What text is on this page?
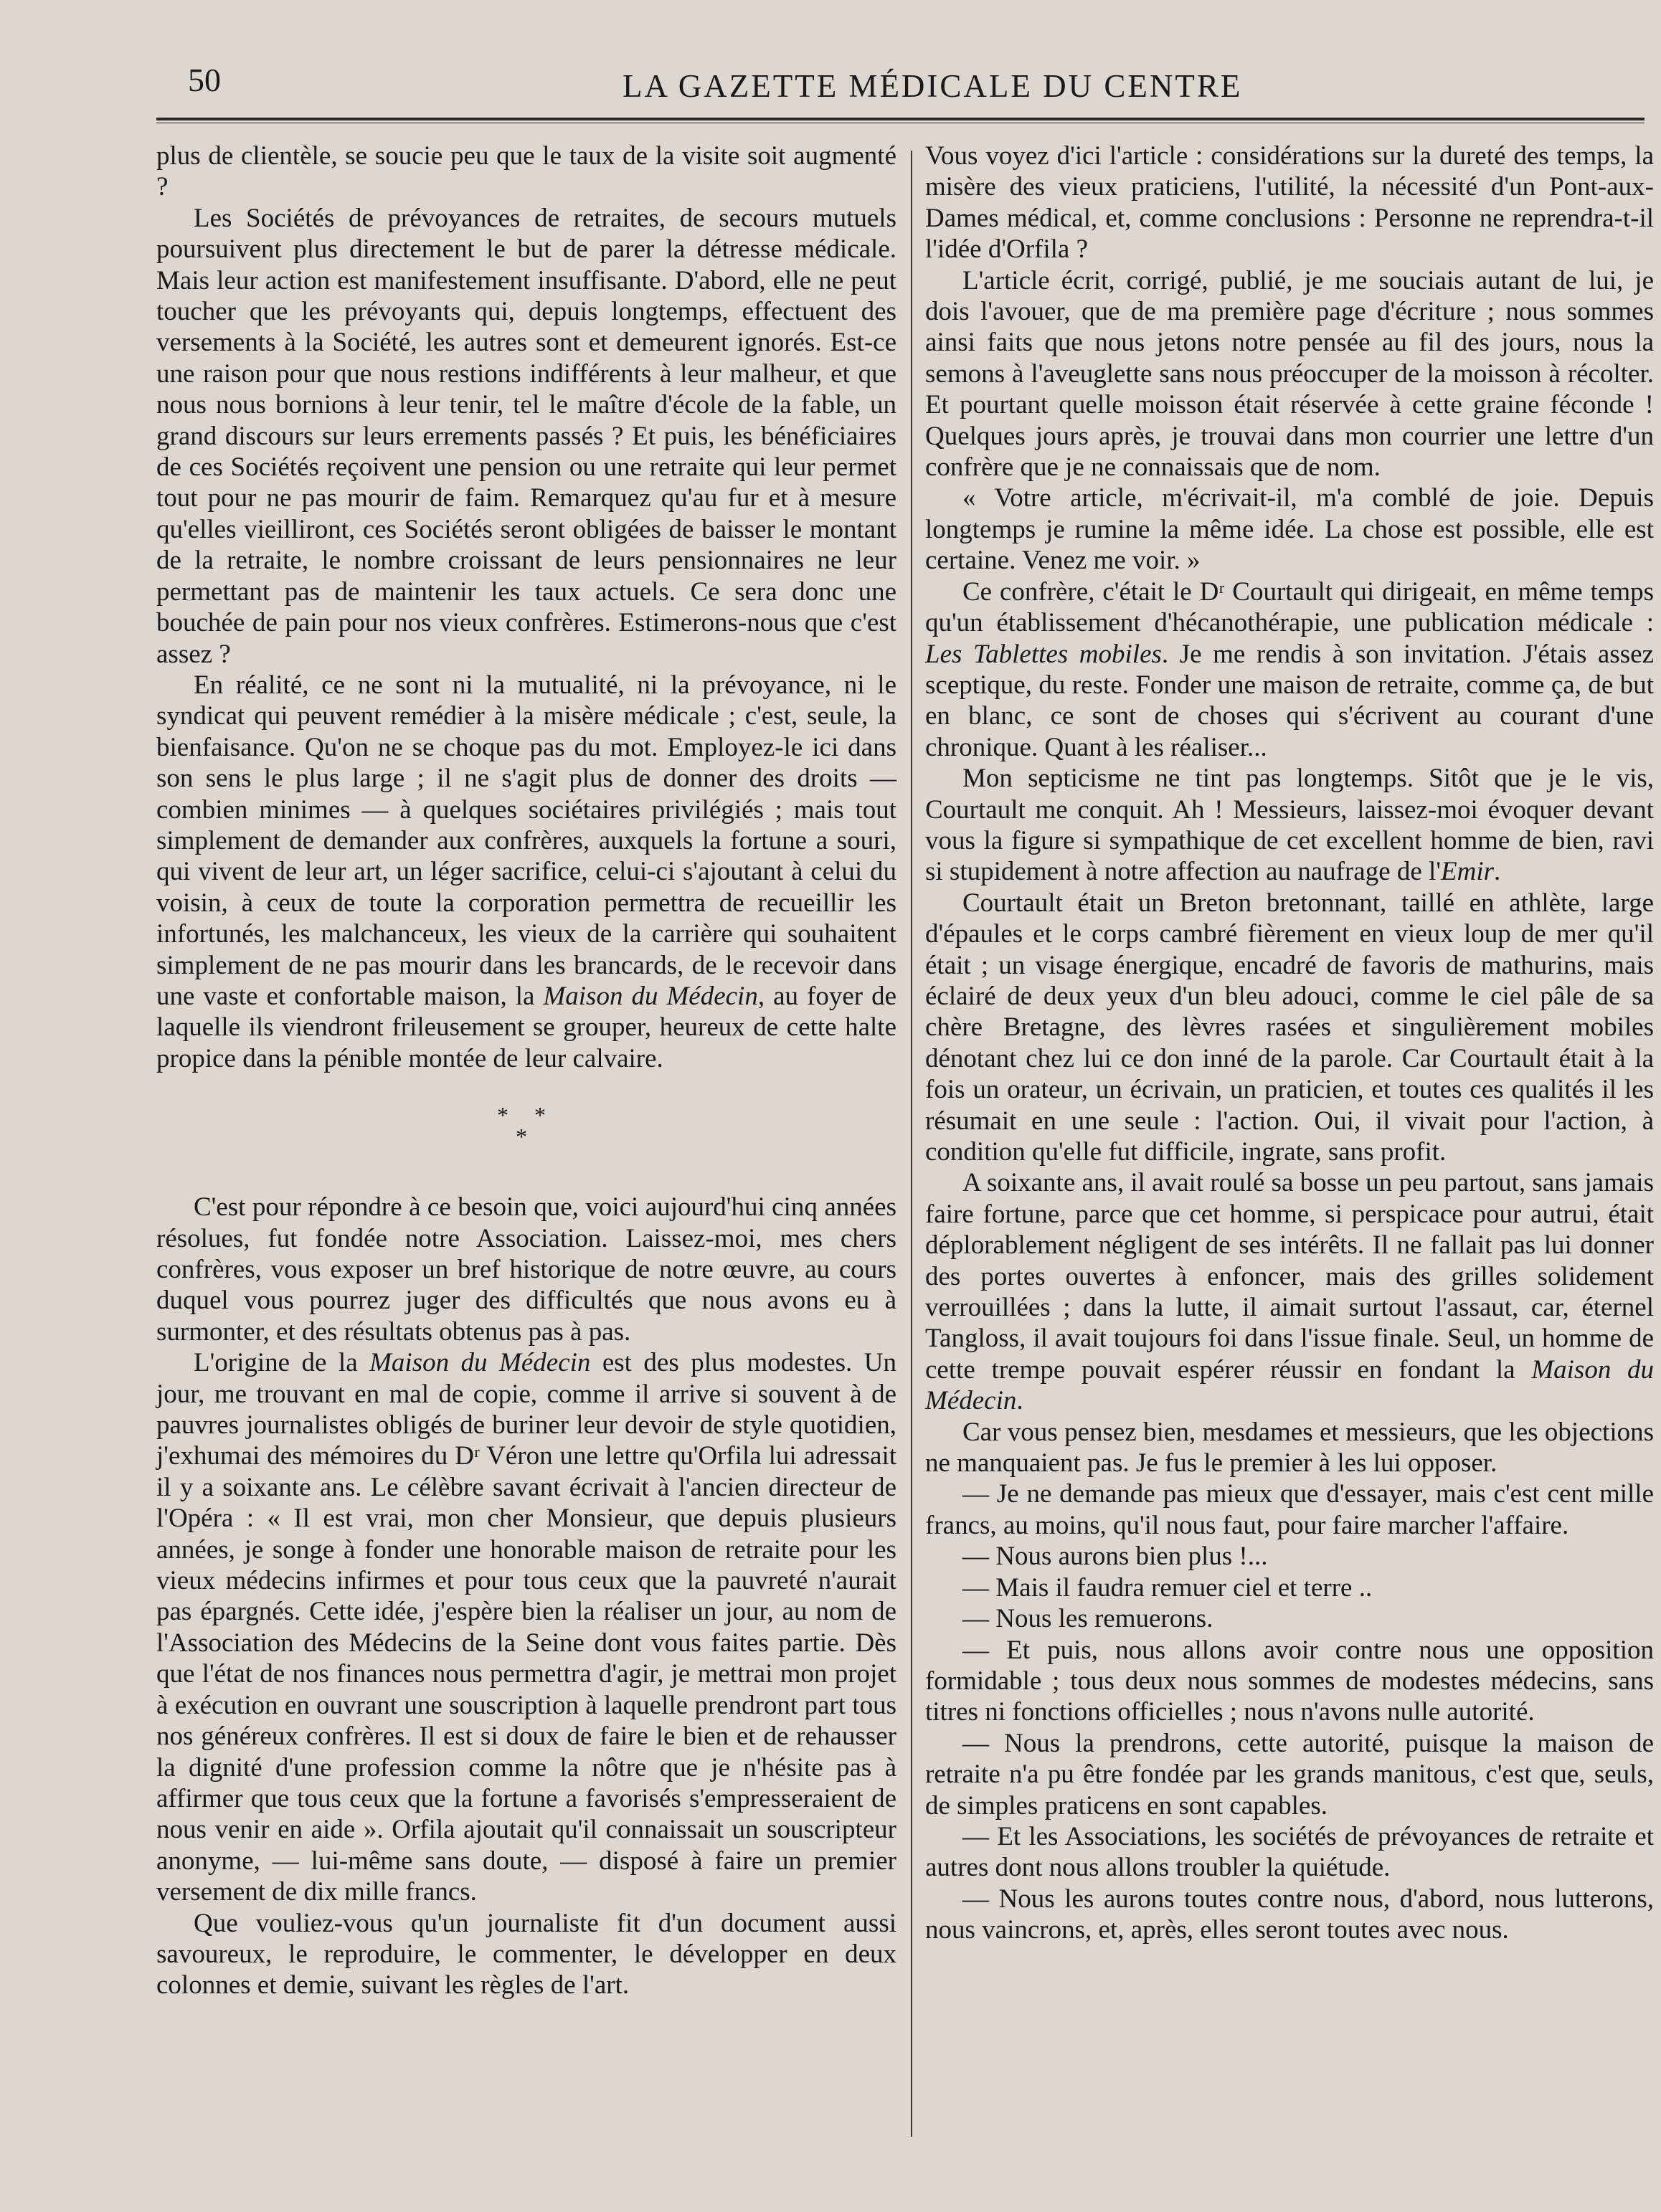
50	LA GAZETTE MÉDICALE DU CENTRE

plus de clientèle, se soucie peu que le taux de la visite soit augmenté ?

Les Sociétés de prévoyances de retraites, de secours mutuels poursuivent plus directement le but de parer la détresse médicale. Mais leur action est manifestement insuffisante. D'abord, elle ne peut toucher que les prévoyants qui, depuis longtemps, effectuent des versements à la Société, les autres sont et demeurent ignorés. Est-ce une raison pour que nous restions indifférents à leur malheur, et que nous nous bornions à leur tenir, tel le maître d'école de la fable, un grand discours sur leurs errements passés ? Et puis, les bénéficiaires de ces Sociétés reçoivent une pension ou une retraite qui leur permet tout pour ne pas mourir de faim. Remarquez qu'au fur et à mesure qu'elles vieilliront, ces Sociétés seront obligées de baisser le montant de la retraite, le nombre croissant de leurs pensionnaires ne leur permettant pas de maintenir les taux actuels. Ce sera donc une bouchée de pain pour nos vieux confrères. Estimerons-nous que c'est assez ?

En réalité, ce ne sont ni la mutualité, ni la prévoyance, ni le syndicat qui peuvent remédier à la misère médicale ; c'est, seule, la bienfaisance. Qu'on ne se choque pas du mot. Employez-le ici dans son sens le plus large ; il ne s'agit plus de donner des droits — combien minimes — à quelques sociétaires privilégiés ; mais tout simplement de demander aux confrères, auxquels la fortune a souri, qui vivent de leur art, un léger sacrifice, celui-ci s'ajoutant à celui du voisin, à ceux de toute la corporation permettra de recueillir les infortunés, les malchanceux, les vieux de la carrière qui souhaitent simplement de ne pas mourir dans les brancards, de le recevoir dans une vaste et confortable maison, la Maison du Médecin, au foyer de laquelle ils viendront frileusement se grouper, heureux de cette halte propice dans la pénible montée de leur calvaire.

* *
*

C'est pour répondre à ce besoin que, voici aujourd'hui cinq années résolues, fut fondée notre Association. Laissez-moi, mes chers confrères, vous exposer un bref historique de notre œuvre, au cours duquel vous pourrez juger des difficultés que nous avons eu à surmonter, et des résultats obtenus pas à pas.

L'origine de la Maison du Médecin est des plus modestes. Un jour, me trouvant en mal de copie, comme il arrive si souvent à de pauvres journalistes obligés de buriner leur devoir de style quotidien, j'exhumai des mémoires du Dʳ Véron une lettre qu'Orfila lui adressait il y a soixante ans. Le célèbre savant écrivait à l'ancien directeur de l'Opéra : « Il est vrai, mon cher Monsieur, que depuis plusieurs années, je songe à fonder une honorable maison de retraite pour les vieux médecins infirmes et pour tous ceux que la pauvreté n'aurait pas épargnés. Cette idée, j'espère bien la réaliser un jour, au nom de l'Association des Médecins de la Seine dont vous faites partie. Dès que l'état de nos finances nous permettra d'agir, je mettrai mon projet à exécution en ouvrant une souscription à laquelle prendront part tous nos généreux confrères. Il est si doux de faire le bien et de rehausser la dignité d'une profession comme la nôtre que je n'hésite pas à affirmer que tous ceux que la fortune a favorisés s'empresseraient de nous venir en aide ». Orfila ajoutait qu'il connaissait un souscripteur anonyme, — lui-même sans doute, — disposé à faire un premier versement de dix mille francs.

Que vouliez-vous qu'un journaliste fit d'un document aussi savoureux, le reproduire, le commenter, le développer en deux colonnes et demie, suivant les règles de l'art.

Vous voyez d'ici l'article : considérations sur la dureté des temps, la misère des vieux praticiens, l'utilité, la nécessité d'un Pont-aux-Dames médical, et, comme conclusions : Personne ne reprendra-t-il l'idée d'Orfila ?

L'article écrit, corrigé, publié, je me souciais autant de lui, je dois l'avouer, que de ma première page d'écriture ; nous sommes ainsi faits que nous jetons notre pensée au fil des jours, nous la semons à l'aveuglette sans nous préoccuper de la moisson à récolter. Et pourtant quelle moisson était réservée à cette graine féconde ! Quelques jours après, je trouvai dans mon courrier une lettre d'un confrère que je ne connaissais que de nom.

« Votre article, m'écrivait-il, m'a comblé de joie. Depuis longtemps je rumine la même idée. La chose est possible, elle est certaine. Venez me voir. »

Ce confrère, c'était le Dʳ Courtault qui dirigeait, en même temps qu'un établissement d'hécanothérapie, une publication médicale : Les Tablettes mobiles. Je me rendis à son invitation. J'étais assez sceptique, du reste. Fonder une maison de retraite, comme ça, de but en blanc, ce sont de choses qui s'écrivent au courant d'une chronique. Quant à les réaliser...

Mon septicisme ne tint pas longtemps. Sitôt que je le vis, Courtault me conquit. Ah ! Messieurs, laissez-moi évoquer devant vous la figure si sympathique de cet excellent homme de bien, ravi si stupidement à notre affection au naufrage de l'Emir.

Courtault était un Breton bretonnant, taillé en athlète, large d'épaules et le corps cambré fièrement en vieux loup de mer qu'il était ; un visage énergique, encadré de favoris de mathurins, mais éclairé de deux yeux d'un bleu adouci, comme le ciel pâle de sa chère Bretagne, des lèvres rasées et singulièrement mobiles dénotant chez lui ce don inné de la parole. Car Courtault était à la fois un orateur, un écrivain, un praticien, et toutes ces qualités il les résumait en une seule : l'action. Oui, il vivait pour l'action, à condition qu'elle fut difficile, ingrate, sans profit.

A soixante ans, il avait roulé sa bosse un peu partout, sans jamais faire fortune, parce que cet homme, si perspicace pour autrui, était déplorablement négligent de ses intérêts. Il ne fallait pas lui donner des portes ouvertes à enfoncer, mais des grilles solidement verrouillées ; dans la lutte, il aimait surtout l'assaut, car, éternel Tangloss, il avait toujours foi dans l'issue finale. Seul, un homme de cette trempe pouvait espérer réussir en fondant la Maison du Médecin.

Car vous pensez bien, mesdames et messieurs, que les objections ne manquaient pas. Je fus le premier à les lui opposer.

— Je ne demande pas mieux que d'essayer, mais c'est cent mille francs, au moins, qu'il nous faut, pour faire marcher l'affaire.

— Nous aurons bien plus !...

— Mais il faudra remuer ciel et terre ..

— Nous les remuerons.

— Et puis, nous allons avoir contre nous une opposition formidable ; tous deux nous sommes de modestes médecins, sans titres ni fonctions officielles ; nous n'avons nulle autorité.

— Nous la prendrons, cette autorité, puisque la maison de retraite n'a pu être fondée par les grands manitous, c'est que, seuls, de simples praticens en sont capables.

— Et les Associations, les sociétés de prévoyances de retraite et autres dont nous allons troubler la quiétude.

— Nous les aurons toutes contre nous, d'abord, nous lutterons, nous vaincrons, et, après, elles seront toutes avec nous.
